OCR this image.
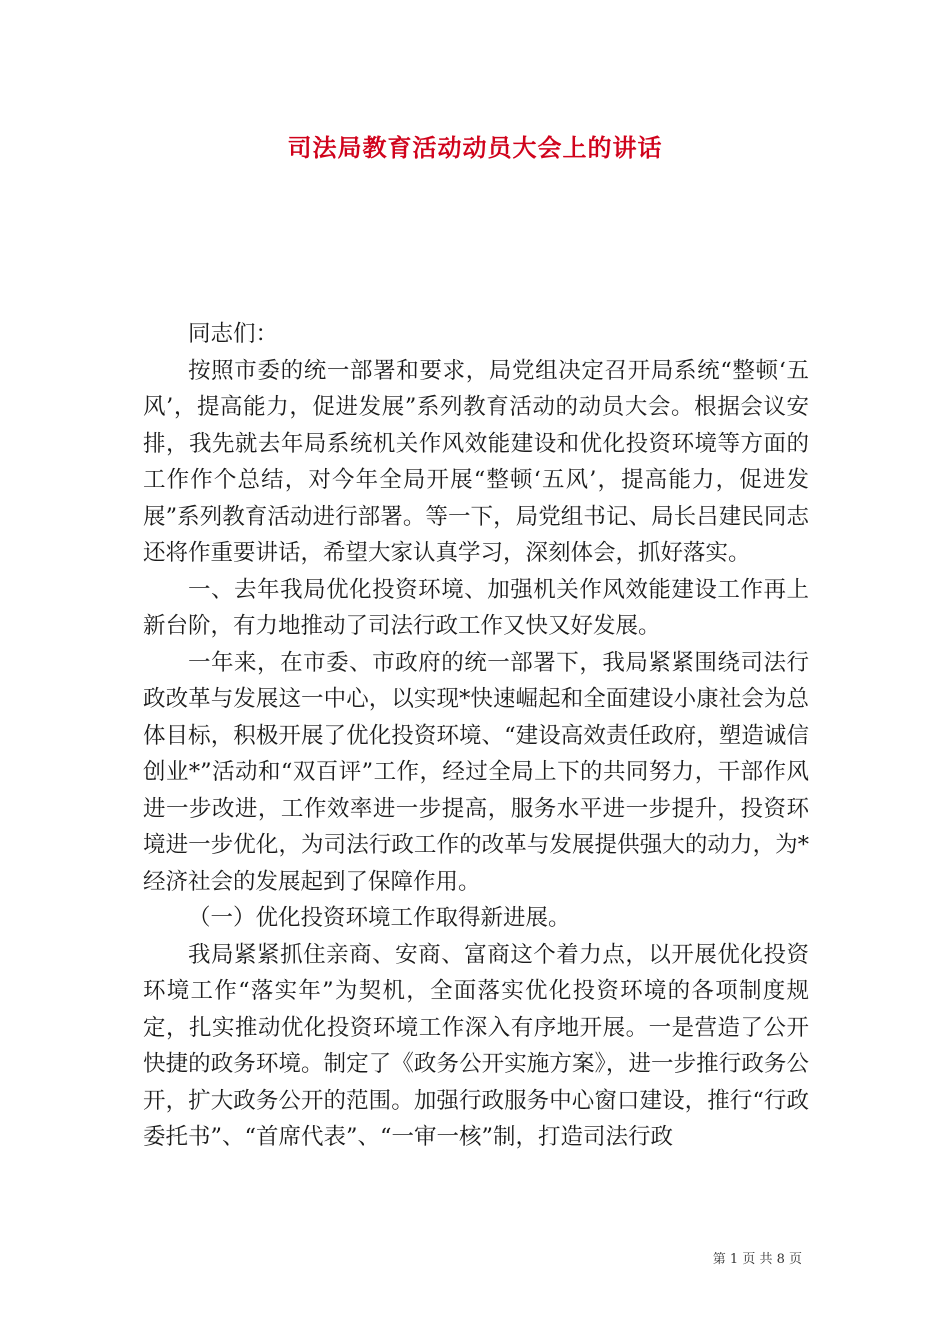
司法局教育活动动员大会上的讲话

同志们：

按照市委的统一部署和要求，局党组决定召开局系统“整顿‘五风’，提高能力，促进发展”系列教育活动的动员大会。根据会议安排，我先就去年局系统机关作风效能建设和优化投资环境等方面的工作作个总结，对今年全局开展“整顿‘五风’，提高能力，促进发展”系列教育活动进行部署。等一下，局党组书记、局长吕建民同志还将作重要讲话，希望大家认真学习，深刻体会，抓好落实。

一、去年我局优化投资环境、加强机关作风效能建设工作再上新台阶，有力地推动了司法行政工作又快又好发展。

一年来，在市委、市政府的统一部署下，我局紧紧围绕司法行政改革与发展这一中心，以实现*快速崛起和全面建设小康社会为总体目标，积极开展了优化投资环境、“建设高效责任政府，塑造诚信创业*”活动和“双百评”工作，经过全局上下的共同努力，干部作风进一步改进，工作效率进一步提高，服务水平进一步提升，投资环境进一步优化，为司法行政工作的改革与发展提供强大的动力，为*经济社会的发展起到了保障作用。

（一）优化投资环境工作取得新进展。

我局紧紧抓住亲商、安商、富商这个着力点，以开展优化投资环境工作“落实年”为契机，全面落实优化投资环境的各项制度规定，扎实推动优化投资环境工作深入有序地开展。一是营造了公开快捷的政务环境。制定了《政务公开实施方案》，进一步推行政务公开，扩大政务公开的范围。加强行政服务中心窗口建设，推行“行政委托书”、“首席代表”、“一审一核”制，打造司法行政

第 1 页 共 8 页
